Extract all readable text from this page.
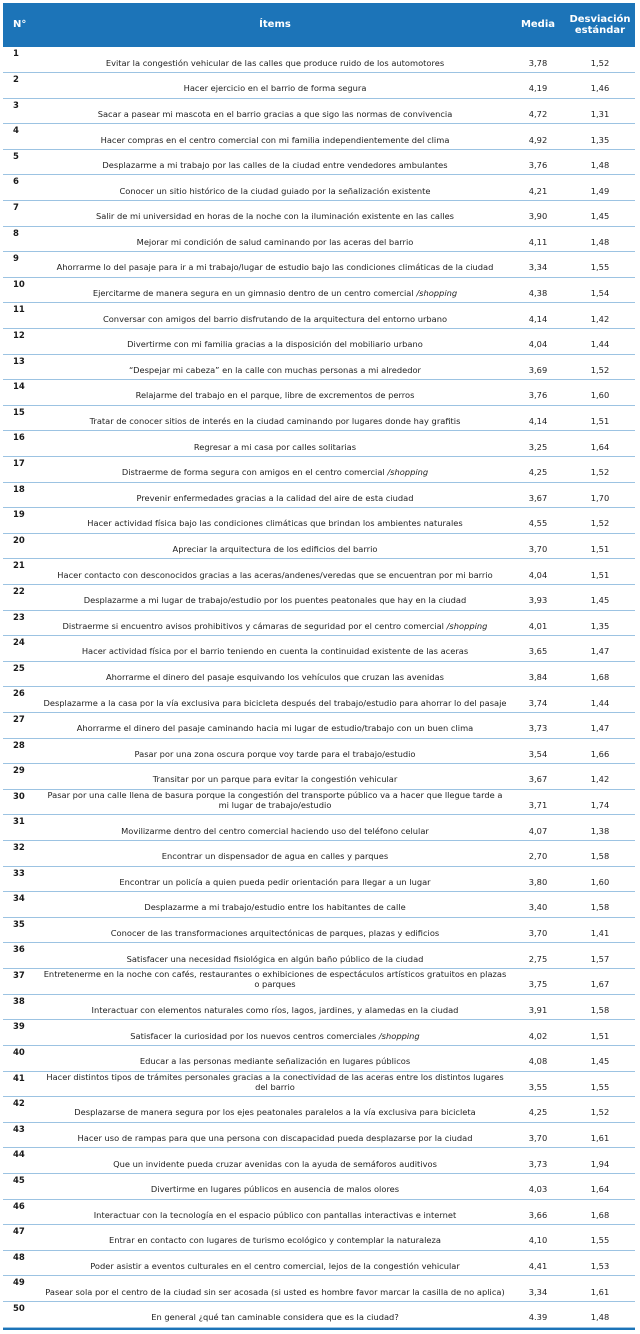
N°	Ítems	Media	Desviación estándar
1	Evitar la congestión vehicular de las calles que produce ruido de los automotores	3,78	1,52
2	Hacer ejercicio en el barrio de forma segura	4,19	1,46
3	Sacar a pasear mi mascota en el barrio gracias a que sigo las normas de convivencia	4,72	1,31
4	Hacer compras en el centro comercial con mi familia independientemente del clima	4,92	1,35
5	Desplazarme a mi trabajo por las calles de la ciudad entre vendedores ambulantes	3,76	1,48
6	Conocer un sitio histórico de la ciudad guiado por la señalización existente	4,21	1,49
7	Salir de mi universidad en horas de la noche con la iluminación existente en las calles	3,90	1,45
8	Mejorar mi condición de salud caminando por las aceras del barrio	4,11	1,48
9	Ahorrarme lo del pasaje para ir a mi trabajo/lugar de estudio bajo las condiciones climáticas de la ciudad	3,34	1,55
10	Ejercitarme de manera segura en un gimnasio dentro de un centro comercial /shopping	4,38	1,54
11	Conversar con amigos del barrio disfrutando de la arquitectura del entorno urbano	4,14	1,42
12	Divertirme con mi familia gracias a la disposición del mobiliario urbano	4,04	1,44
13	“Despejar mi cabeza” en la calle con muchas personas a mi alrededor	3,69	1,52
14	Relajarme del trabajo en el parque, libre de excrementos de perros	3,76	1,60
15	Tratar de conocer sitios de interés en la ciudad caminando por lugares donde hay grafitis	4,14	1,51
16	Regresar a mi casa por calles solitarias	3,25	1,64
17	Distraerme de forma segura con amigos en el centro comercial /shopping	4,25	1,52
18	Prevenir enfermedades gracias a la calidad del aire de esta ciudad	3,67	1,70
19	Hacer actividad física bajo las condiciones climáticas que brindan los ambientes naturales	4,55	1,52
20	Apreciar la arquitectura de los edificios del barrio	3,70	1,51
21	Hacer contacto con desconocidos gracias a las aceras/andenes/veredas que se encuentran por mi barrio	4,04	1,51
22	Desplazarme a mi lugar de trabajo/estudio por los puentes peatonales que hay en la ciudad	3,93	1,45
23	Distraerme si encuentro avisos prohibitivos y cámaras de seguridad por el centro comercial /shopping	4,01	1,35
24	Hacer actividad física por el barrio teniendo en cuenta la continuidad existente de las aceras	3,65	1,47
25	Ahorrarme el dinero del pasaje esquivando los vehículos que cruzan las avenidas	3,84	1,68
26	Desplazarme a la casa por la vía exclusiva para bicicleta después del trabajo/estudio para ahorrar lo del pasaje	3,74	1,44
27	Ahorrarme el dinero del pasaje caminando hacia mi lugar de estudio/trabajo con un buen clima	3,73	1,47
28	Pasar por una zona oscura porque voy tarde para el trabajo/estudio	3,54	1,66
29	Transitar por un parque para evitar la congestión vehicular	3,67	1,42
30	Pasar por una calle llena de basura porque la congestión del transporte público va a hacer que llegue tarde a mi lugar de trabajo/estudio	3,71	1,74
31	Movilizarme dentro del centro comercial haciendo uso del teléfono celular	4,07	1,38
32	Encontrar un dispensador de agua en calles y parques	2,70	1,58
33	Encontrar un policía a quien pueda pedir orientación para llegar a un lugar	3,80	1,60
34	Desplazarme a mi trabajo/estudio entre los habitantes de calle	3,40	1,58
35	Conocer de las transformaciones arquitectónicas de parques, plazas y edificios	3,70	1,41
36	Satisfacer una necesidad fisiológica en algún baño público de la ciudad	2,75	1,57
37	Entretenerme en la noche con cafés, restaurantes o exhibiciones de espectáculos artísticos gratuitos en plazas o parques	3,75	1,67
38	Interactuar con elementos naturales como ríos, lagos, jardines, y alamedas en la ciudad	3,91	1,58
39	Satisfacer la curiosidad por los nuevos centros comerciales /shopping	4,02	1,51
40	Educar a las personas mediante señalización en lugares públicos	4,08	1,45
41	Hacer distintos tipos de trámites personales gracias a la conectividad de las aceras entre los distintos lugares del barrio	3,55	1,55
42	Desplazarse de manera segura por los ejes peatonales paralelos a la vía exclusiva para bicicleta	4,25	1,52
43	Hacer uso de rampas para que una persona con discapacidad pueda desplazarse por la ciudad	3,70	1,61
44	Que un invidente pueda cruzar avenidas con la ayuda de semáforos auditivos	3,73	1,94
45	Divertirme en lugares públicos en ausencia de malos olores	4,03	1,64
46	Interactuar con la tecnología en el espacio público con pantallas interactivas e internet	3,66	1,68
47	Entrar en contacto con lugares de turismo ecológico y contemplar la naturaleza	4,10	1,55
48	Poder asistir a eventos culturales en el centro comercial, lejos de la congestión vehicular	4,41	1,53
49	Pasear sola por el centro de la ciudad sin ser acosada (si usted es hombre favor marcar la casilla de no aplica)	3,34	1,61
50	En general ¿qué tan caminable considera que es la ciudad?	4.39	1,48
